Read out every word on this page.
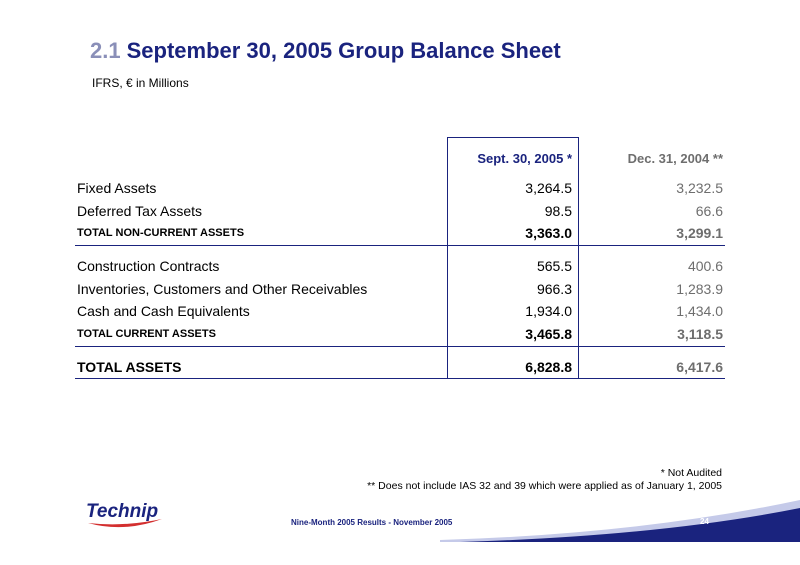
2.1 September 30, 2005 Group Balance Sheet
IFRS, € in Millions
Sept. 30, 2005 *	Dec. 31, 2004 **
Fixed Assets	3,264.5	3,232.5
Deferred Tax Assets	98.5	66.6
TOTAL NON-CURRENT ASSETS	3,363.0	3,299.1
Construction Contracts	565.5	400.6
Inventories, Customers and Other Receivables	966.3	1,283.9
Cash and Cash Equivalents	1,934.0	1,434.0
TOTAL CURRENT ASSETS	3,465.8	3,118.5
TOTAL ASSETS	6,828.8	6,417.6
* Not Audited
** Does not include IAS 32 and 39 which were applied as of January 1, 2005
Technip
Nine-Month 2005 Results - November 2005	24
